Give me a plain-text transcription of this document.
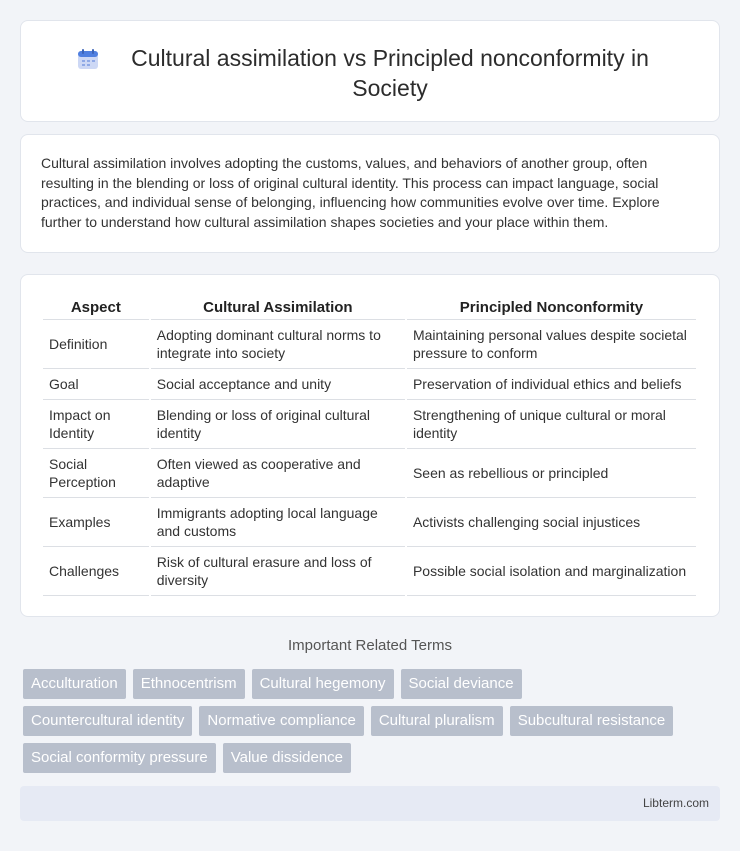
Cultural assimilation vs Principled nonconformity in Society

Cultural assimilation involves adopting the customs, values, and behaviors of another group, often resulting in the blending or loss of original cultural identity. This process can impact language, social practices, and individual sense of belonging, influencing how communities evolve over time. Explore further to understand how cultural assimilation shapes societies and your place within them.

Aspect	Cultural Assimilation	Principled Nonconformity
Definition	Adopting dominant cultural norms to integrate into society	Maintaining personal values despite societal pressure to conform
Goal	Social acceptance and unity	Preservation of individual ethics and beliefs
Impact on Identity	Blending or loss of original cultural identity	Strengthening of unique cultural or moral identity
Social Perception	Often viewed as cooperative and adaptive	Seen as rebellious or principled
Examples	Immigrants adopting local language and customs	Activists challenging social injustices
Challenges	Risk of cultural erasure and loss of diversity	Possible social isolation and marginalization
Important Related Terms
Acculturation	Ethnocentrism	Cultural hegemony	Social deviance
Countercultural identity	Normative compliance	Cultural pluralism	Subcultural resistance
Social conformity pressure	Value dissidence
Libterm.com
